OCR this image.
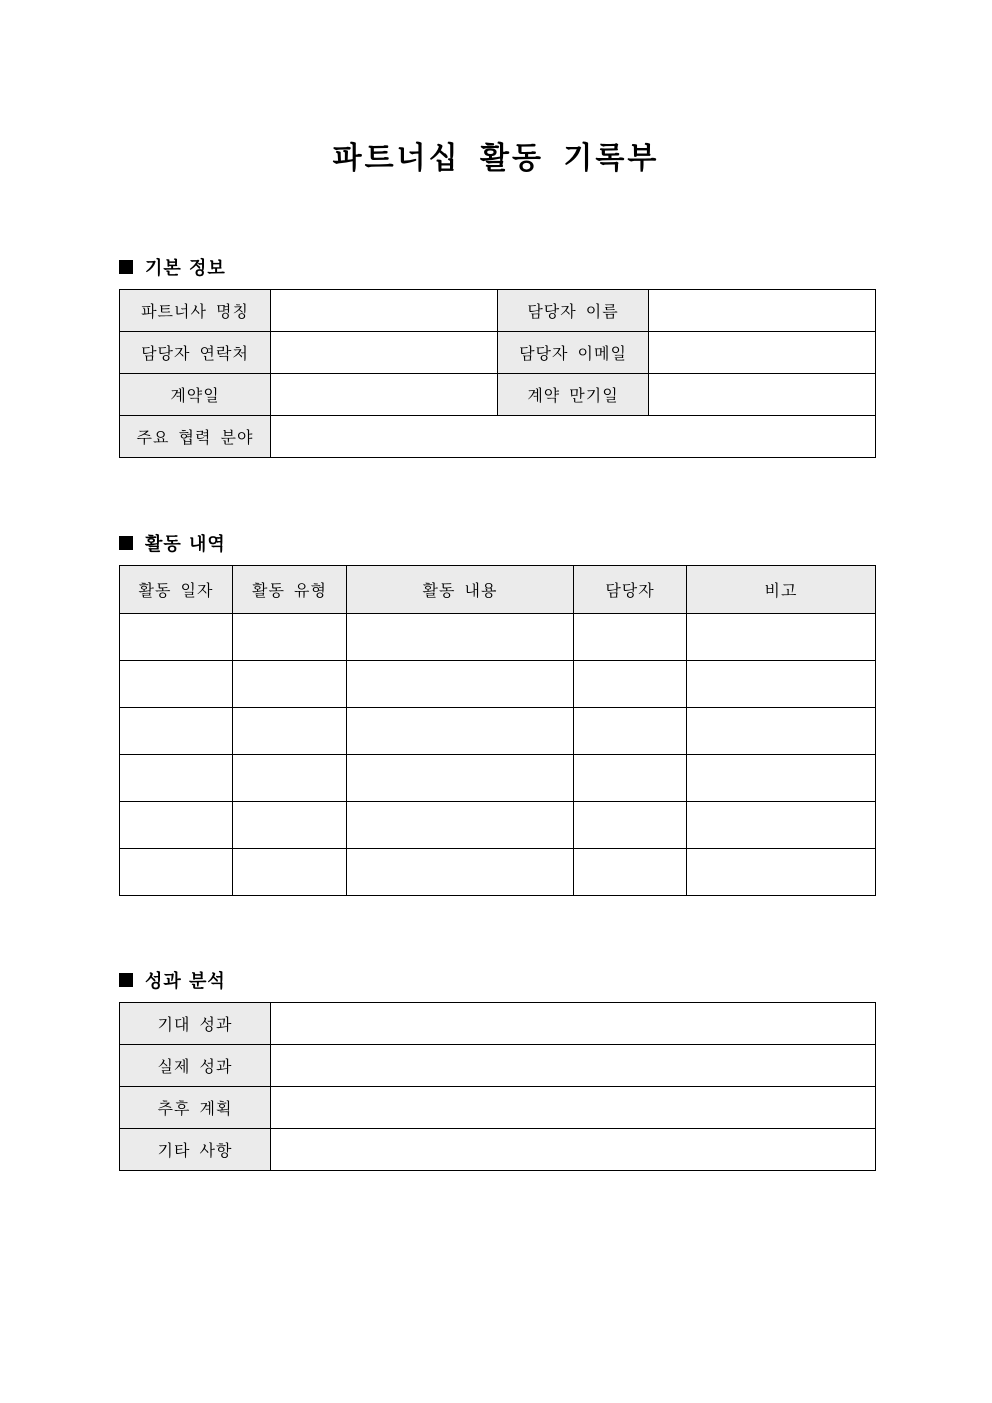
파트너십 활동 기록부
기본 정보
파트너사 명칭		담당자 이름	
담당자 연락처		담당자 이메일	
계약일		계약 만기일	
주요 협력 분야			
활동 내역
활동 일자	활동 유형	활동 내용	담당자	비고

성과 분석
기대 성과	
실제 성과	
추후 계획	
기타 사항	
